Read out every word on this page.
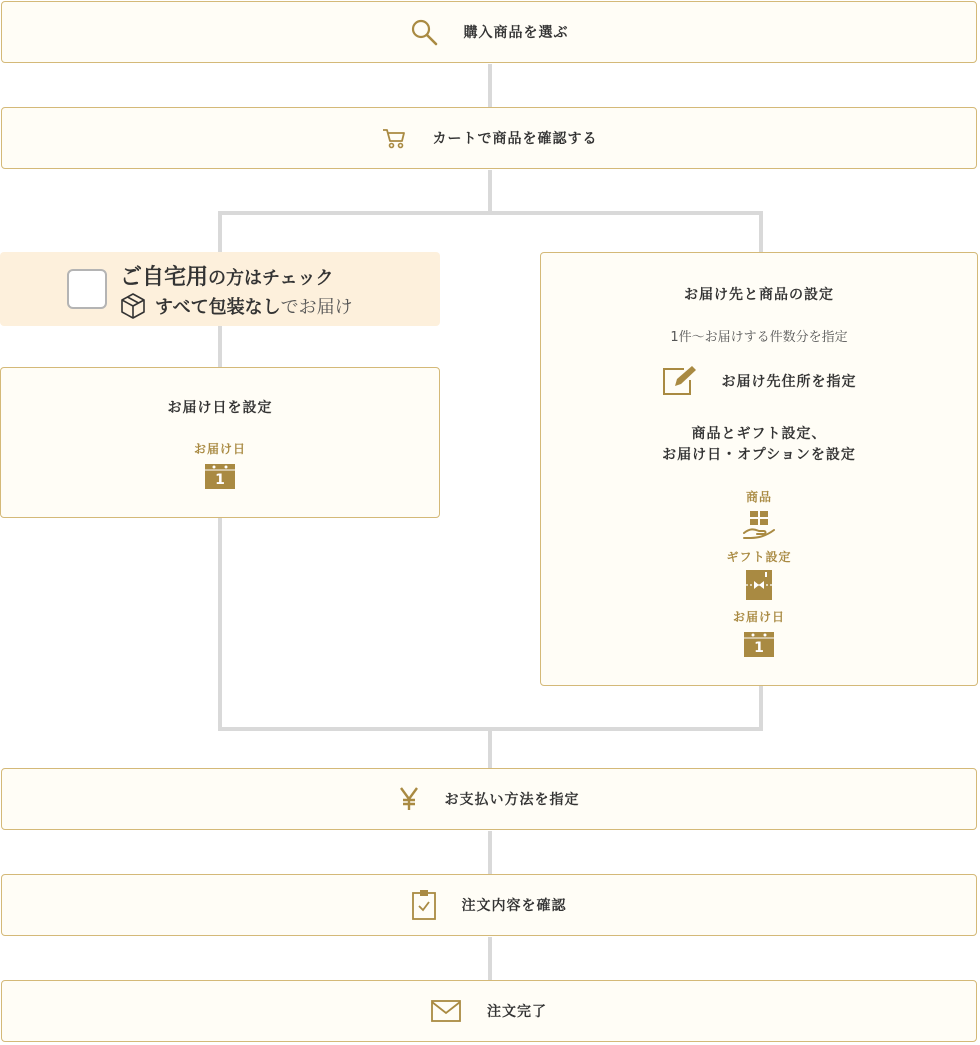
購入商品を選ぶ
カートで商品を確認する
ご自宅用の方はチェック
すべて包装なし でお届け
お届け日を設定
お届け日
1
お届け先と商品の設定
1件〜お届けする件数分を指定
お届け先住所を指定
商品とギフト設定、
お届け日・オプションを設定
商品
ギフト設定
お届け日
1
お支払い方法を指定
注文内容を確認
注文完了
